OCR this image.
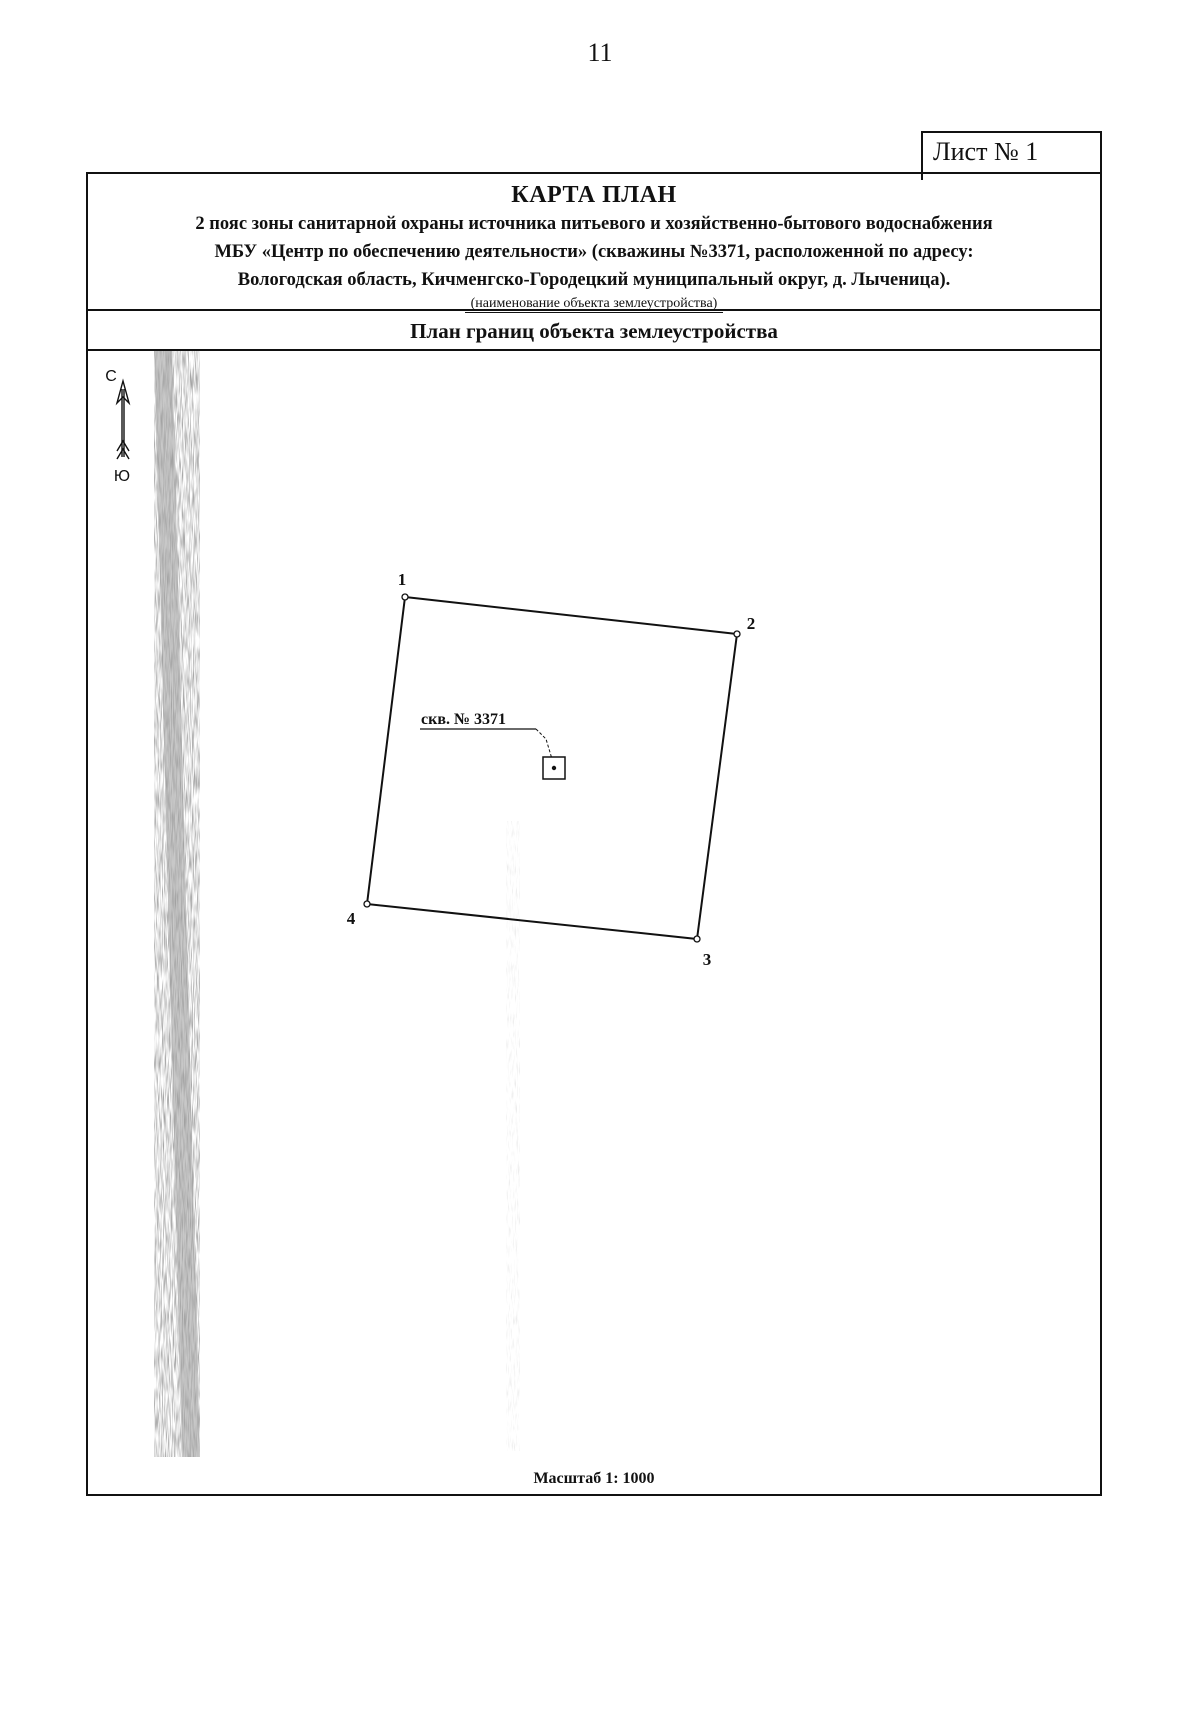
11
Лист № 1
КАРТА ПЛАН
2 пояс зоны санитарной охраны источника питьевого и хозяйственно-бытового водоснабжения
МБУ «Центр по обеспечению деятельности» (скважины №3371, расположенной по адресу:
Вологодская область, Кичменгско-Городецкий муниципальный округ, д. Лыченица).
(наименование объекта землеустройства)
План границ объекта землеустройства
С
Ю
1
2
3
4
скв. № 3371
Масштаб 1: 1000
